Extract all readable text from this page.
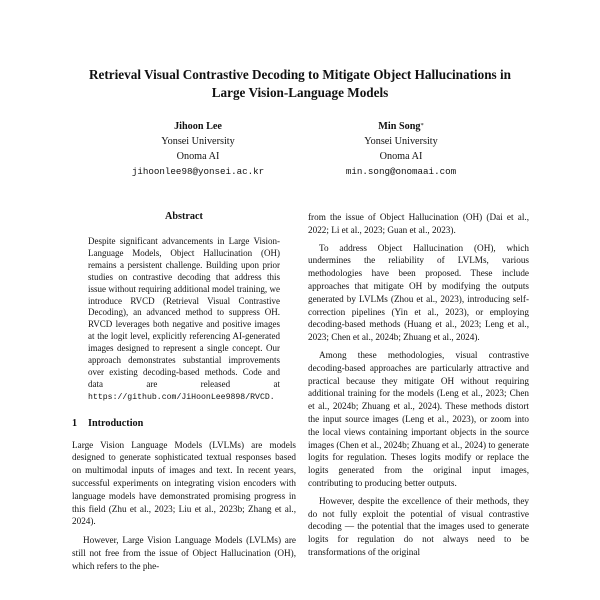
Retrieval Visual Contrastive Decoding to Mitigate Object Hallucinations in
Large Vision-Language Models
Jihoon Lee
Yonsei University
Onoma AI
jihoonlee98@yonsei.ac.kr
Min Song*
Yonsei University
Onoma AI
min.song@onomaai.com
Abstract

Despite significant advancements in Large Vision-Language Models, Object Hallucination (OH) remains a persistent challenge. Building upon prior studies on contrastive decoding that address this issue without requiring additional model training, we introduce RVCD (Retrieval Visual Contrastive Decoding), an advanced method to suppress OH. RVCD leverages both negative and positive images at the logit level, explicitly referencing AI-generated images designed to represent a single concept. Our approach demonstrates substantial improvements over existing decoding-based methods. Code and data are released at https://github.com/JiHoonLee9898/RVCD.

1 Introduction

Large Vision Language Models (LVLMs) are models designed to generate sophisticated textual responses based on multimodal inputs of images and text. In recent years, successful experiments on integrating vision encoders with language models have demonstrated promising progress in this field (Zhu et al., 2023; Liu et al., 2023b; Zhang et al., 2024).

However, Large Vision Language Models (LVLMs) are still not free from the issue of Object Hallucination (OH), which refers to the phe-

from the issue of Object Hallucination (OH) (Dai et al., 2022; Li et al., 2023; Guan et al., 2023).

To address Object Hallucination (OH), which undermines the reliability of LVLMs, various methodologies have been proposed. These include approaches that mitigate OH by modifying the outputs generated by LVLMs (Zhou et al., 2023), introducing self-correction pipelines (Yin et al., 2023), or employing decoding-based methods (Huang et al., 2023; Leng et al., 2023; Chen et al., 2024b; Zhuang et al., 2024).

Among these methodologies, visual contrastive decoding-based approaches are particularly attractive and practical because they mitigate OH without requiring additional training for the models (Leng et al., 2023; Chen et al., 2024b; Zhuang et al., 2024). These methods distort the input source images (Leng et al., 2023), or zoom into the local views containing important objects in the source images (Chen et al., 2024b; Zhuang et al., 2024) to generate logits for regulation. Theses logits modify or replace the logits generated from the original input images, contributing to producing better outputs.

However, despite the excellence of their methods, they do not fully exploit the potential of visual contrastive decoding — the potential that the images used to generate logits for regulation do not always need to be transformations of the original
